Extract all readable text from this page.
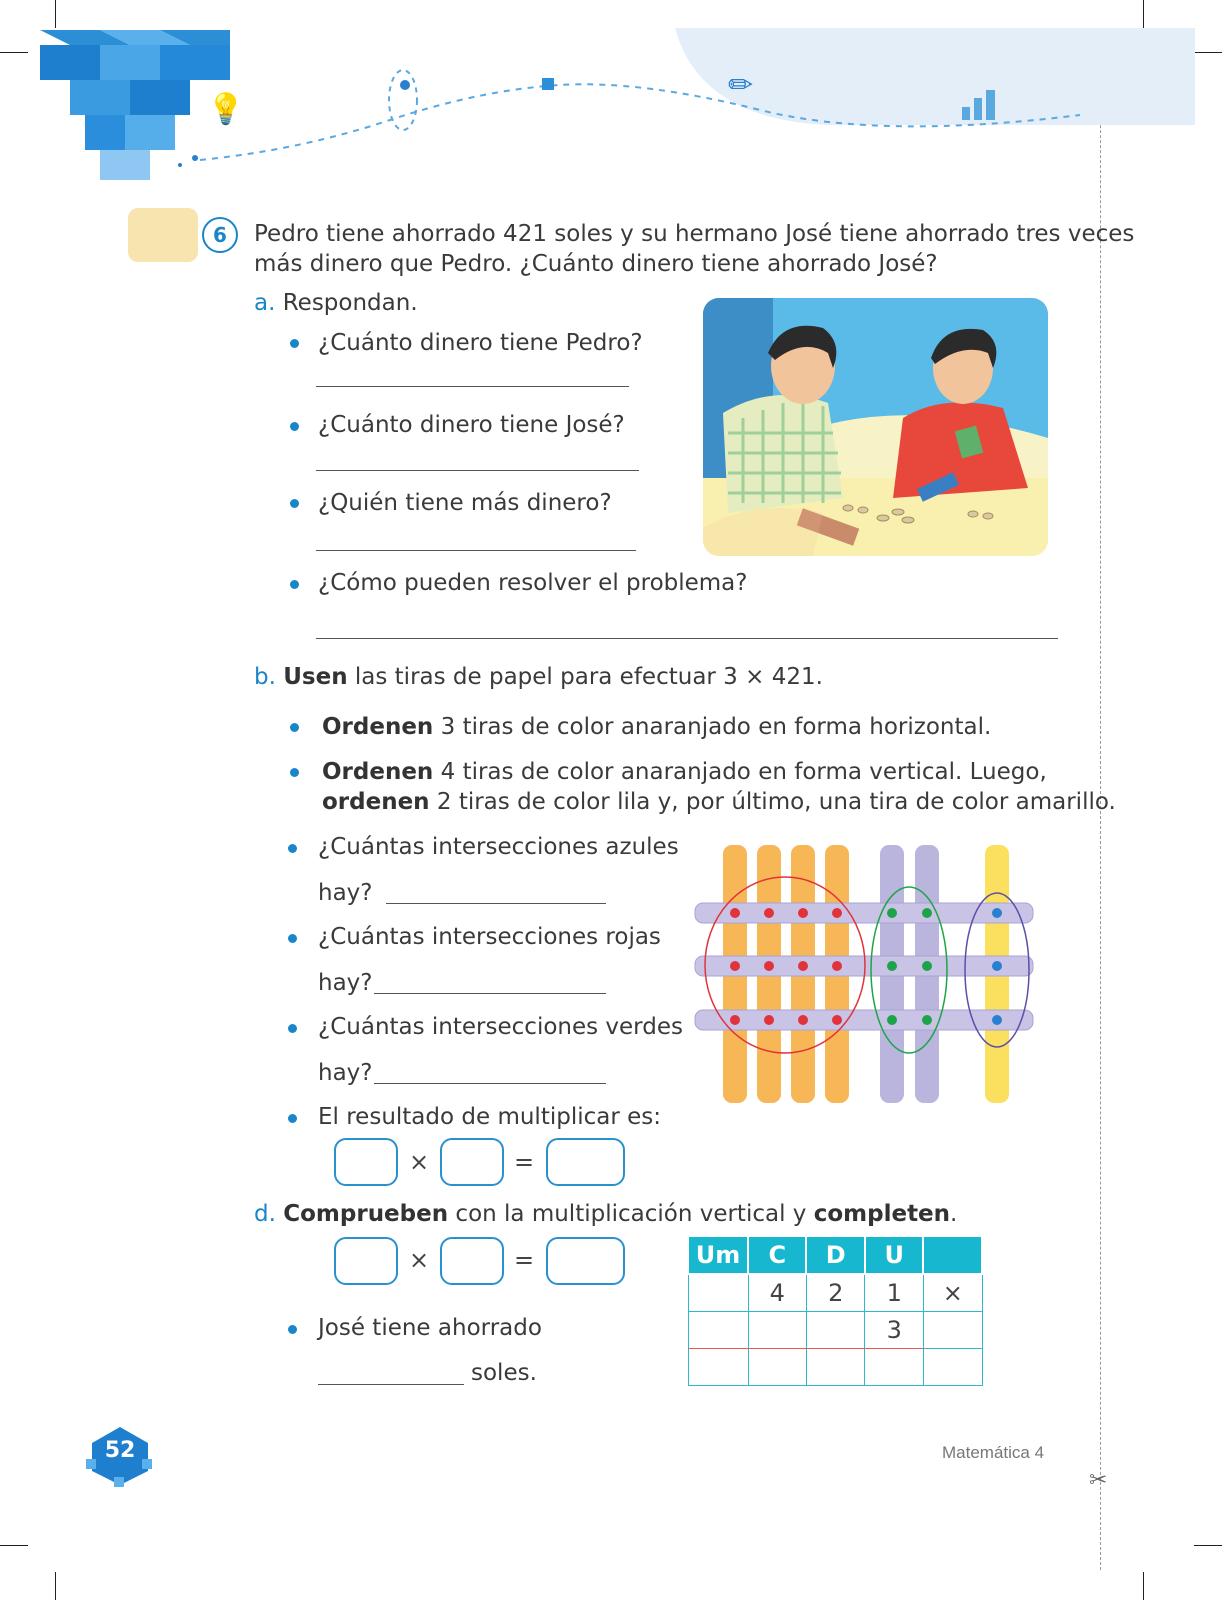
✂
💡
✏
6	Pedro tiene ahorrado 421 soles y su hermano José tiene ahorrado tres veces
más dinero que Pedro. ¿Cuánto dinero tiene ahorrado José?
a. Respondan.
¿Cuánto dinero tiene Pedro?
¿Cuánto dinero tiene José?
¿Quién tiene más dinero?
¿Cómo pueden resolver el problema?
b. Usen las tiras de papel para efectuar 3 × 421.
Ordenen 3 tiras de color anaranjado en forma horizontal.
Ordenen 4 tiras de color anaranjado en forma vertical. Luego,
ordenen 2 tiras de color lila y, por último, una tira de color amarillo.
¿Cuántas intersecciones azules
hay?
¿Cuántas intersecciones rojas
hay?
¿Cuántas intersecciones verdes
hay?
El resultado de multiplicar es:
×	=
d. Comprueben con la multiplicación vertical y completen.
×	=
José tiene ahorrado
soles.
Um	C	D	U	
	4	2	1	×
			3	

52	Matemática 4
